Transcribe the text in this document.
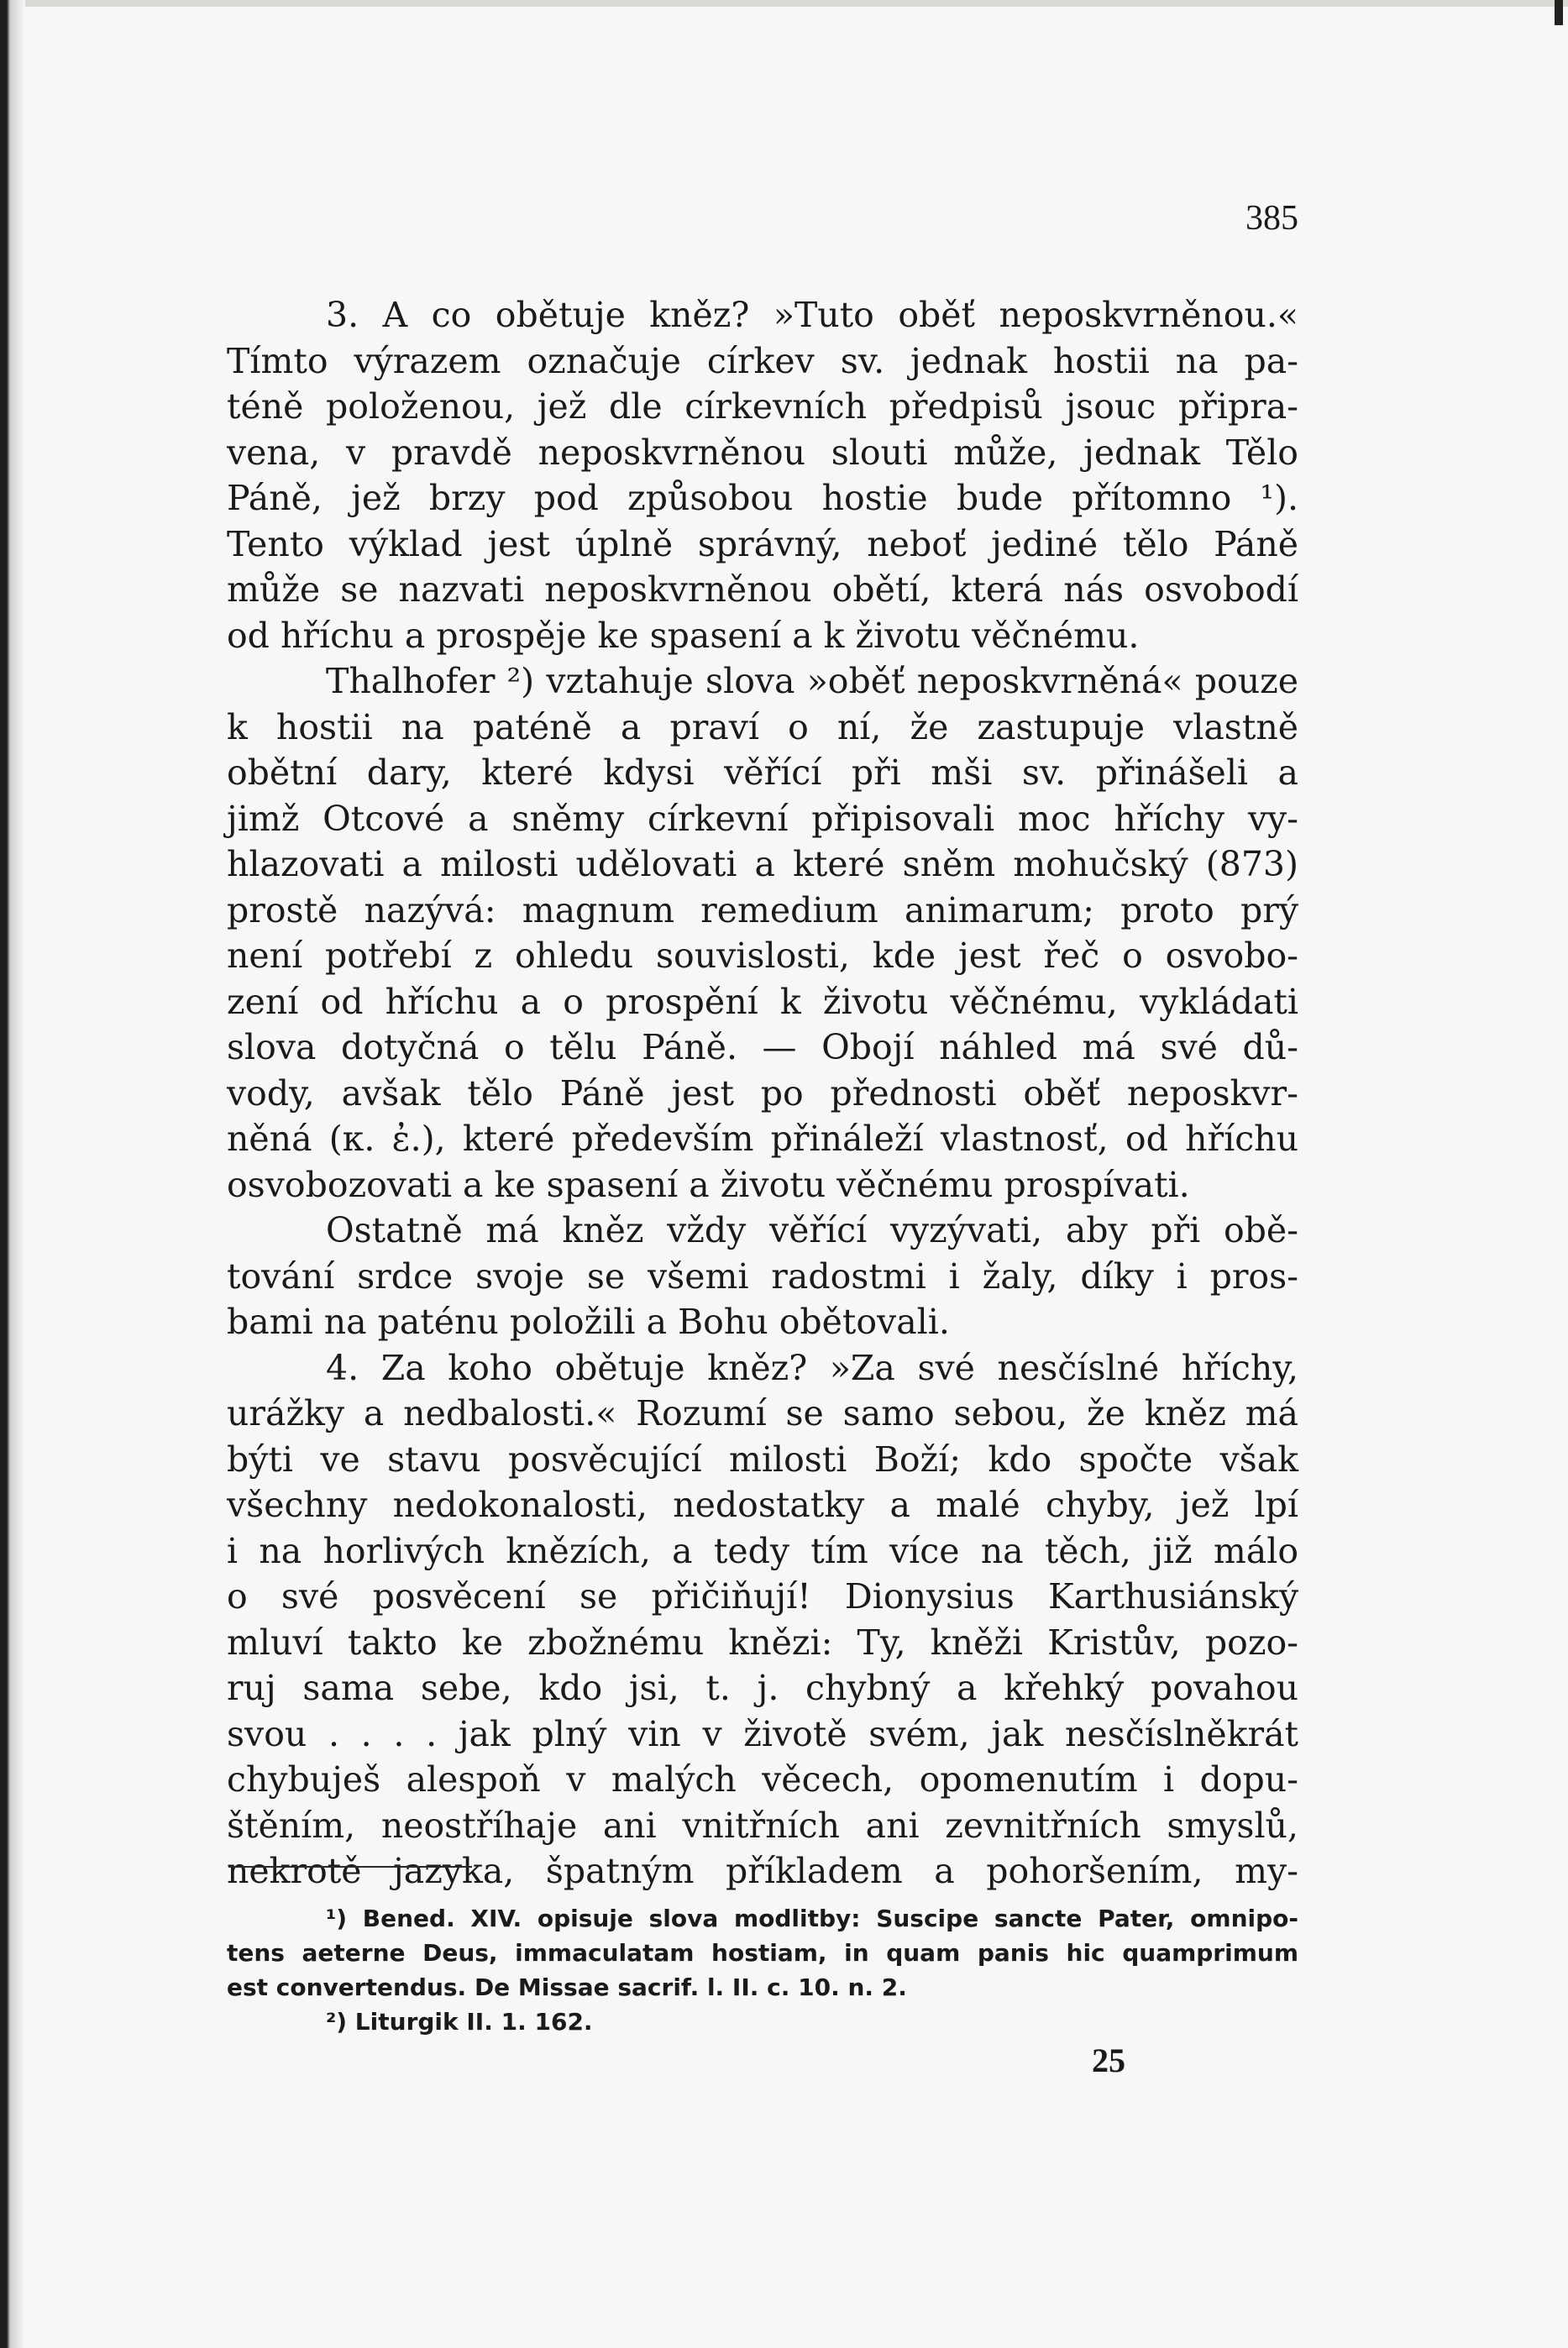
385
3. A co obětuje kněz? »Tuto oběť neposkvrněnou.«
Tímto výrazem označuje církev sv. jednak hostii na pa-
téně položenou, jež dle církevních předpisů jsouc připra-
vena, v pravdě neposkvrněnou slouti může, jednak Tělo
Páně, jež brzy pod způsobou hostie bude přítomno ¹).
Tento výklad jest úplně správný, neboť jediné tělo Páně
může se nazvati neposkvrněnou obětí, která nás osvobodí
od hříchu a prospěje ke spasení a k životu věčnému.
Thalhofer ²) vztahuje slova »oběť neposkvrněná« pouze
k hostii na paténě a praví o ní, že zastupuje vlastně
obětní dary, které kdysi věřící při mši sv. přinášeli a
jimž Otcové a sněmy církevní připisovali moc hříchy vy-
hlazovati a milosti udělovati a které sněm mohučský (873)
prostě nazývá: magnum remedium animarum; proto prý
není potřebí z ohledu souvislosti, kde jest řeč o osvobo-
zení od hříchu a o prospění k životu věčnému, vykládati
slova dotyčná o tělu Páně. — Obojí náhled má své dů-
vody, avšak tělo Páně jest po přednosti oběť neposkvr-
něná (κ. ἐ.), které především přináleží vlastnosť, od hříchu
osvobozovati a ke spasení a životu věčnému prospívati.
Ostatně má kněz vždy věřící vyzývati, aby při obě-
tování srdce svoje se všemi radostmi i žaly, díky i pros-
bami na paténu položili a Bohu obětovali.
4. Za koho obětuje kněz? »Za své nesčíslné hříchy,
urážky a nedbalosti.« Rozumí se samo sebou, že kněz má
býti ve stavu posvěcující milosti Boží; kdo spočte však
všechny nedokonalosti, nedostatky a malé chyby, jež lpí
i na horlivých knězích, a tedy tím více na těch, již málo
o své posvěcení se přičiňují! Dionysius Karthusiánský
mluví takto ke zbožnému knězi: Ty, kněži Kristův, pozo-
ruj sama sebe, kdo jsi, t. j. chybný a křehký povahou
svou . . . . jak plný vin v životě svém, jak nesčíslněkrát
chybuješ alespoň v malých věcech, opomenutím i dopu-
štěním, neostříhaje ani vnitřních ani zevnitřních smyslů,
nekrotě jazyka, špatným příkladem a pohoršením, my-
¹) Bened. XIV. opisuje slova modlitby: Suscipe sancte Pater, omnipo-
tens aeterne Deus, immaculatam hostiam, in quam panis hic quamprimum
est convertendus. De Missae sacrif. l. II. c. 10. n. 2.
²) Liturgik II. 1. 162.
25
